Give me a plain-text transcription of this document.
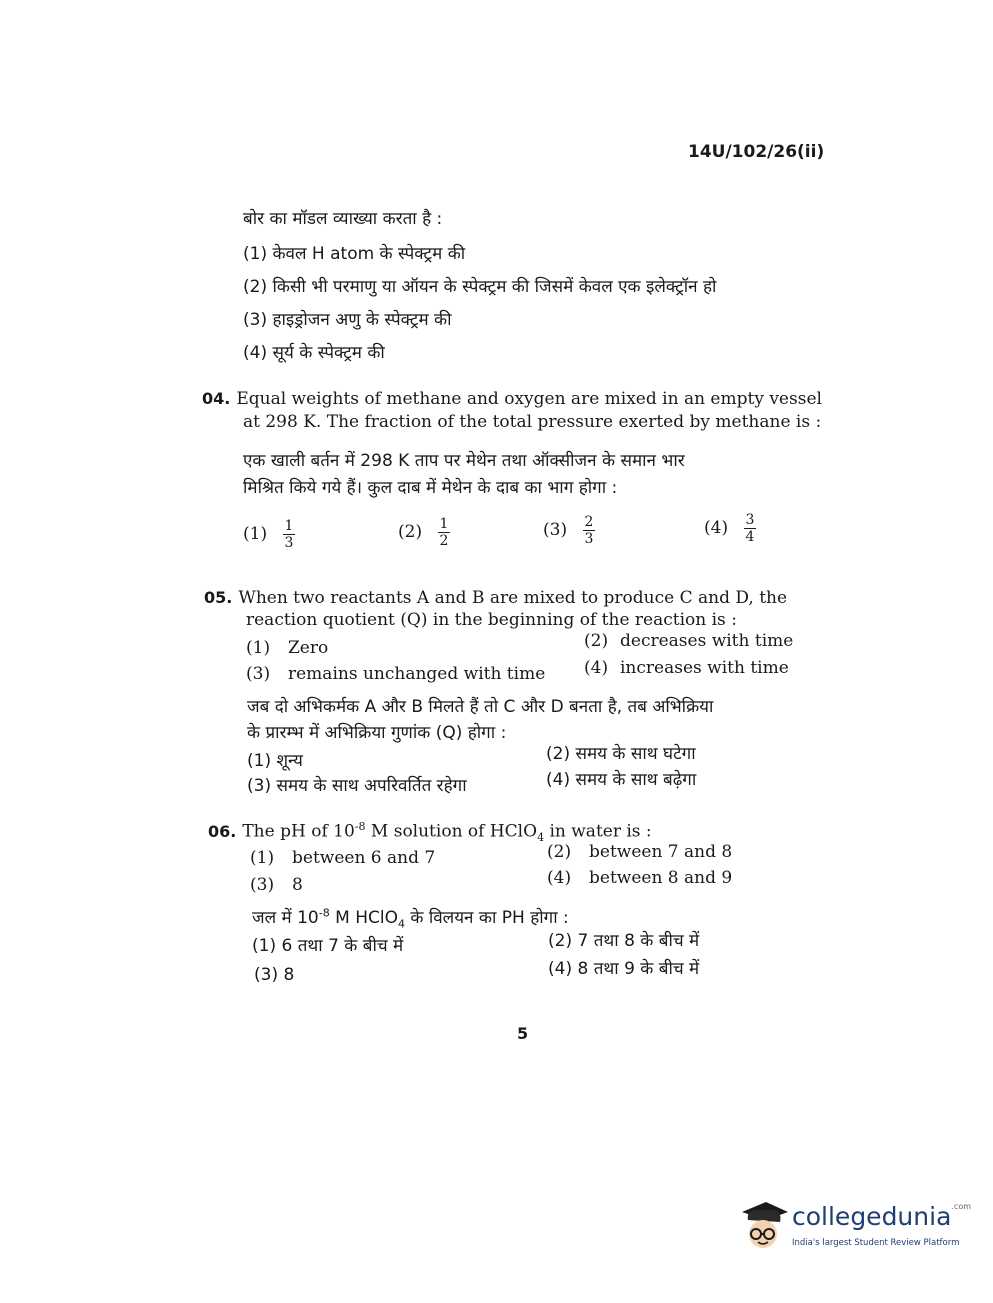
14U/102/26(ii)
बोर का मॉडल व्याख्या करता है :
(1) केवल H atom के स्पेक्ट्रम की
(2) किसी भी परमाणु या ऑयन के स्पेक्ट्रम की जिसमें केवल एक इलेक्ट्रॉन हो
(3) हाइड्रोजन अणु के स्पेक्ट्रम की
(4) सूर्य के स्पेक्ट्रम की
04. Equal weights of methane and oxygen are mixed in an empty vessel
at 298 K. The fraction of the total pressure exerted by methane is :
एक खाली बर्तन में 298 K ताप पर मेथेन तथा ऑक्सीजन के समान भार
मिश्रित किये गये हैं। कुल दाब में मेथेन के दाब का भाग होगा :
$(1) \frac{1}{3}$	$(2) \frac{1}{2}$	$(3) \frac{2}{3}$	$(4) \frac{3}{4}$
05. When two reactants A and B are mixed to produce C and D, the
reaction quotient (Q) in the beginning of the reaction is :
(1) Zero	(2) decreases with time
(3) remains unchanged with time (4) increases with time
जब दो अभिकर्मक A और B मिलते हैं तो C और D बनता है, तब अभिक्रिया
के प्रारम्भ में अभिक्रिया गुणांक (Q) होगा :
(1) शून्य	(2) समय के साथ घटेगा
(3) समय के साथ अपरिवर्तित रहेगा	(4) समय के साथ बढ़ेगा
06. The pH of $10^{-8}$ M solution of HClO$_4$ in water is :
(1) between 6 and 7	(2) between 7 and 8
(3) 8	(4) between 8 and 9
जल में $10^{-8}$ M HClO$_4$ के विलयन का PH होगा :
(1) 6 तथा 7 के बीच में	(2) 7 तथा 8 के बीच में
(3) 8	(4) 8 तथा 9 के बीच में
5
collegedunia$^{.com}$
India's largest Student Review Platform
